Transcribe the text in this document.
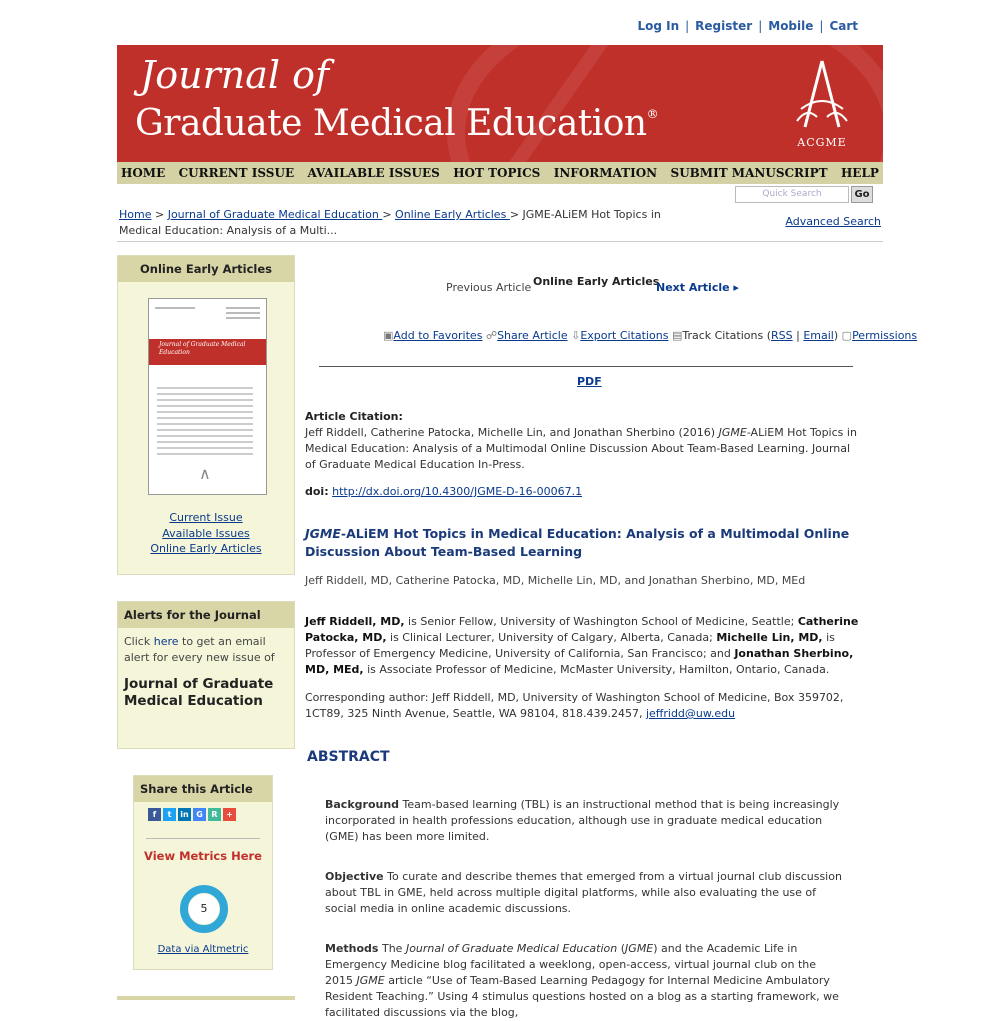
Log In | Register | Mobile | Cart
Journal of
Graduate Medical Education®
ACGME
HOME CURRENT ISSUE AVAILABLE ISSUES HOT TOPICS INFORMATION SUBMIT MANUSCRIPT HELP
Quick Search	Go
Home > Journal of Graduate Medical Education > Online Early Articles > JGME-ALiEM Hot Topics in Medical Education: Analysis of a Multi...
Advanced Search
Online Early Articles
Journal of Graduate Medical Education
∧
Current Issue
Available Issues
Online Early Articles
Alerts for the Journal
Click here to get an email alert for every new issue of
Journal of Graduate Medical Education
Share this Article
f	t	in G	R	+
View Metrics Here
5
Data via Altmetric
Previous Article Online Early Articles
Next Article ▸
▣Add to Favorites ☍Share Article ⇩Export Citations ▤Track Citations (RSS | Email) ▢Permissions
PDF
Article Citation:
Jeff Riddell, Catherine Patocka, Michelle Lin, and Jonathan Sherbino (2016) JGME-ALiEM Hot Topics in Medical Education: Analysis of a Multimodal Online Discussion About Team-Based Learning. Journal of Graduate Medical Education In-Press.
doi: http://dx.doi.org/10.4300/JGME-D-16-00067.1
JGME-ALiEM Hot Topics in Medical Education: Analysis of a Multimodal Online Discussion About Team-Based Learning
Jeff Riddell, MD, Catherine Patocka, MD, Michelle Lin, MD, and Jonathan Sherbino, MD, MEd
Jeff Riddell, MD, is Senior Fellow, University of Washington School of Medicine, Seattle; Catherine Patocka, MD, is Clinical Lecturer, University of Calgary, Alberta, Canada; Michelle Lin, MD, is Professor of Emergency Medicine, University of California, San Francisco; and Jonathan Sherbino, MD, MEd, is Associate Professor of Medicine, McMaster University, Hamilton, Ontario, Canada.
Corresponding author: Jeff Riddell, MD, University of Washington School of Medicine, Box 359702, 1CT89, 325 Ninth Avenue, Seattle, WA 98104, 818.439.2457, jeffridd@uw.edu
ABSTRACT
Background Team-based learning (TBL) is an instructional method that is being increasingly incorporated in health professions education, although use in graduate medical education (GME) has been more limited.
Objective To curate and describe themes that emerged from a virtual journal club discussion about TBL in GME, held across multiple digital platforms, while also evaluating the use of social media in online academic discussions.
Methods The Journal of Graduate Medical Education (JGME) and the Academic Life in Emergency Medicine blog facilitated a weeklong, open-access, virtual journal club on the 2015 JGME article “Use of Team-Based Learning Pedagogy for Internal Medicine Ambulatory Resident Teaching.” Using 4 stimulus questions hosted on a blog as a starting framework, we facilitated discussions via the blog,
